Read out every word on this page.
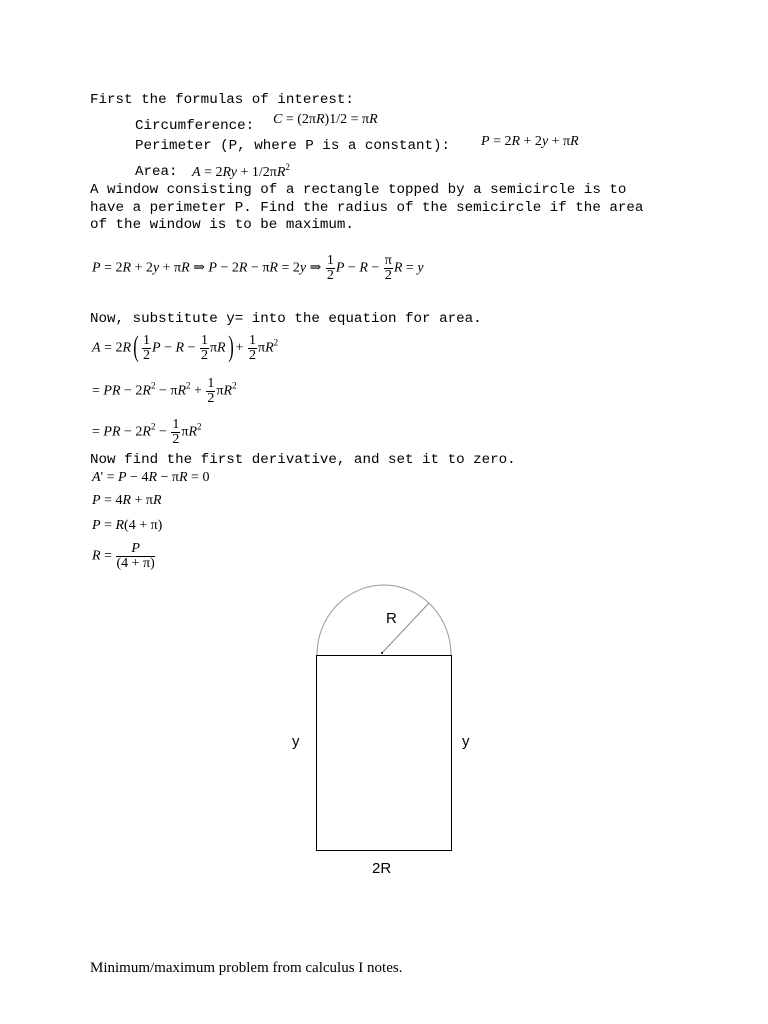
First the formulas of interest:
Circumference: C = (2πR)1/2 = πR
Perimeter (P, where P is a constant): P = 2R + 2y + πR
Area: $A = 2Ry + 1/2\pi R^2$
A window consisting of a rectangle topped by a semicircle is to
have a perimeter P. Find the radius of the semicircle if the area
of the window is to be maximum.
P = 2R + 2y + πR ⇒ P − 2R − πR = 2y ⇒ $\frac{1}{2}$ $P - R - \frac{\pi}{2}$ R = y
Now, substitute y= into the equation for area.
$A = 2R( \frac{1}{2}$ $P - R - \frac{1}{2} \pi R) + \frac{1}{2} \pi R^2$
= PR − $2R^2 - \pi R^2 + \frac{1}{2} \pi R^2$
= PR − $2R^2 - \frac{1}{2} \pi R^2$
Now find the first derivative, and set it to zero.
A' = P − 4R − πR = 0
P = 4R + πR
P = R(4 + π)
$R = \frac{P}{(4 + \pi)}$
R
y	y
2R
Minimum/maximum problem from calculus I notes.
